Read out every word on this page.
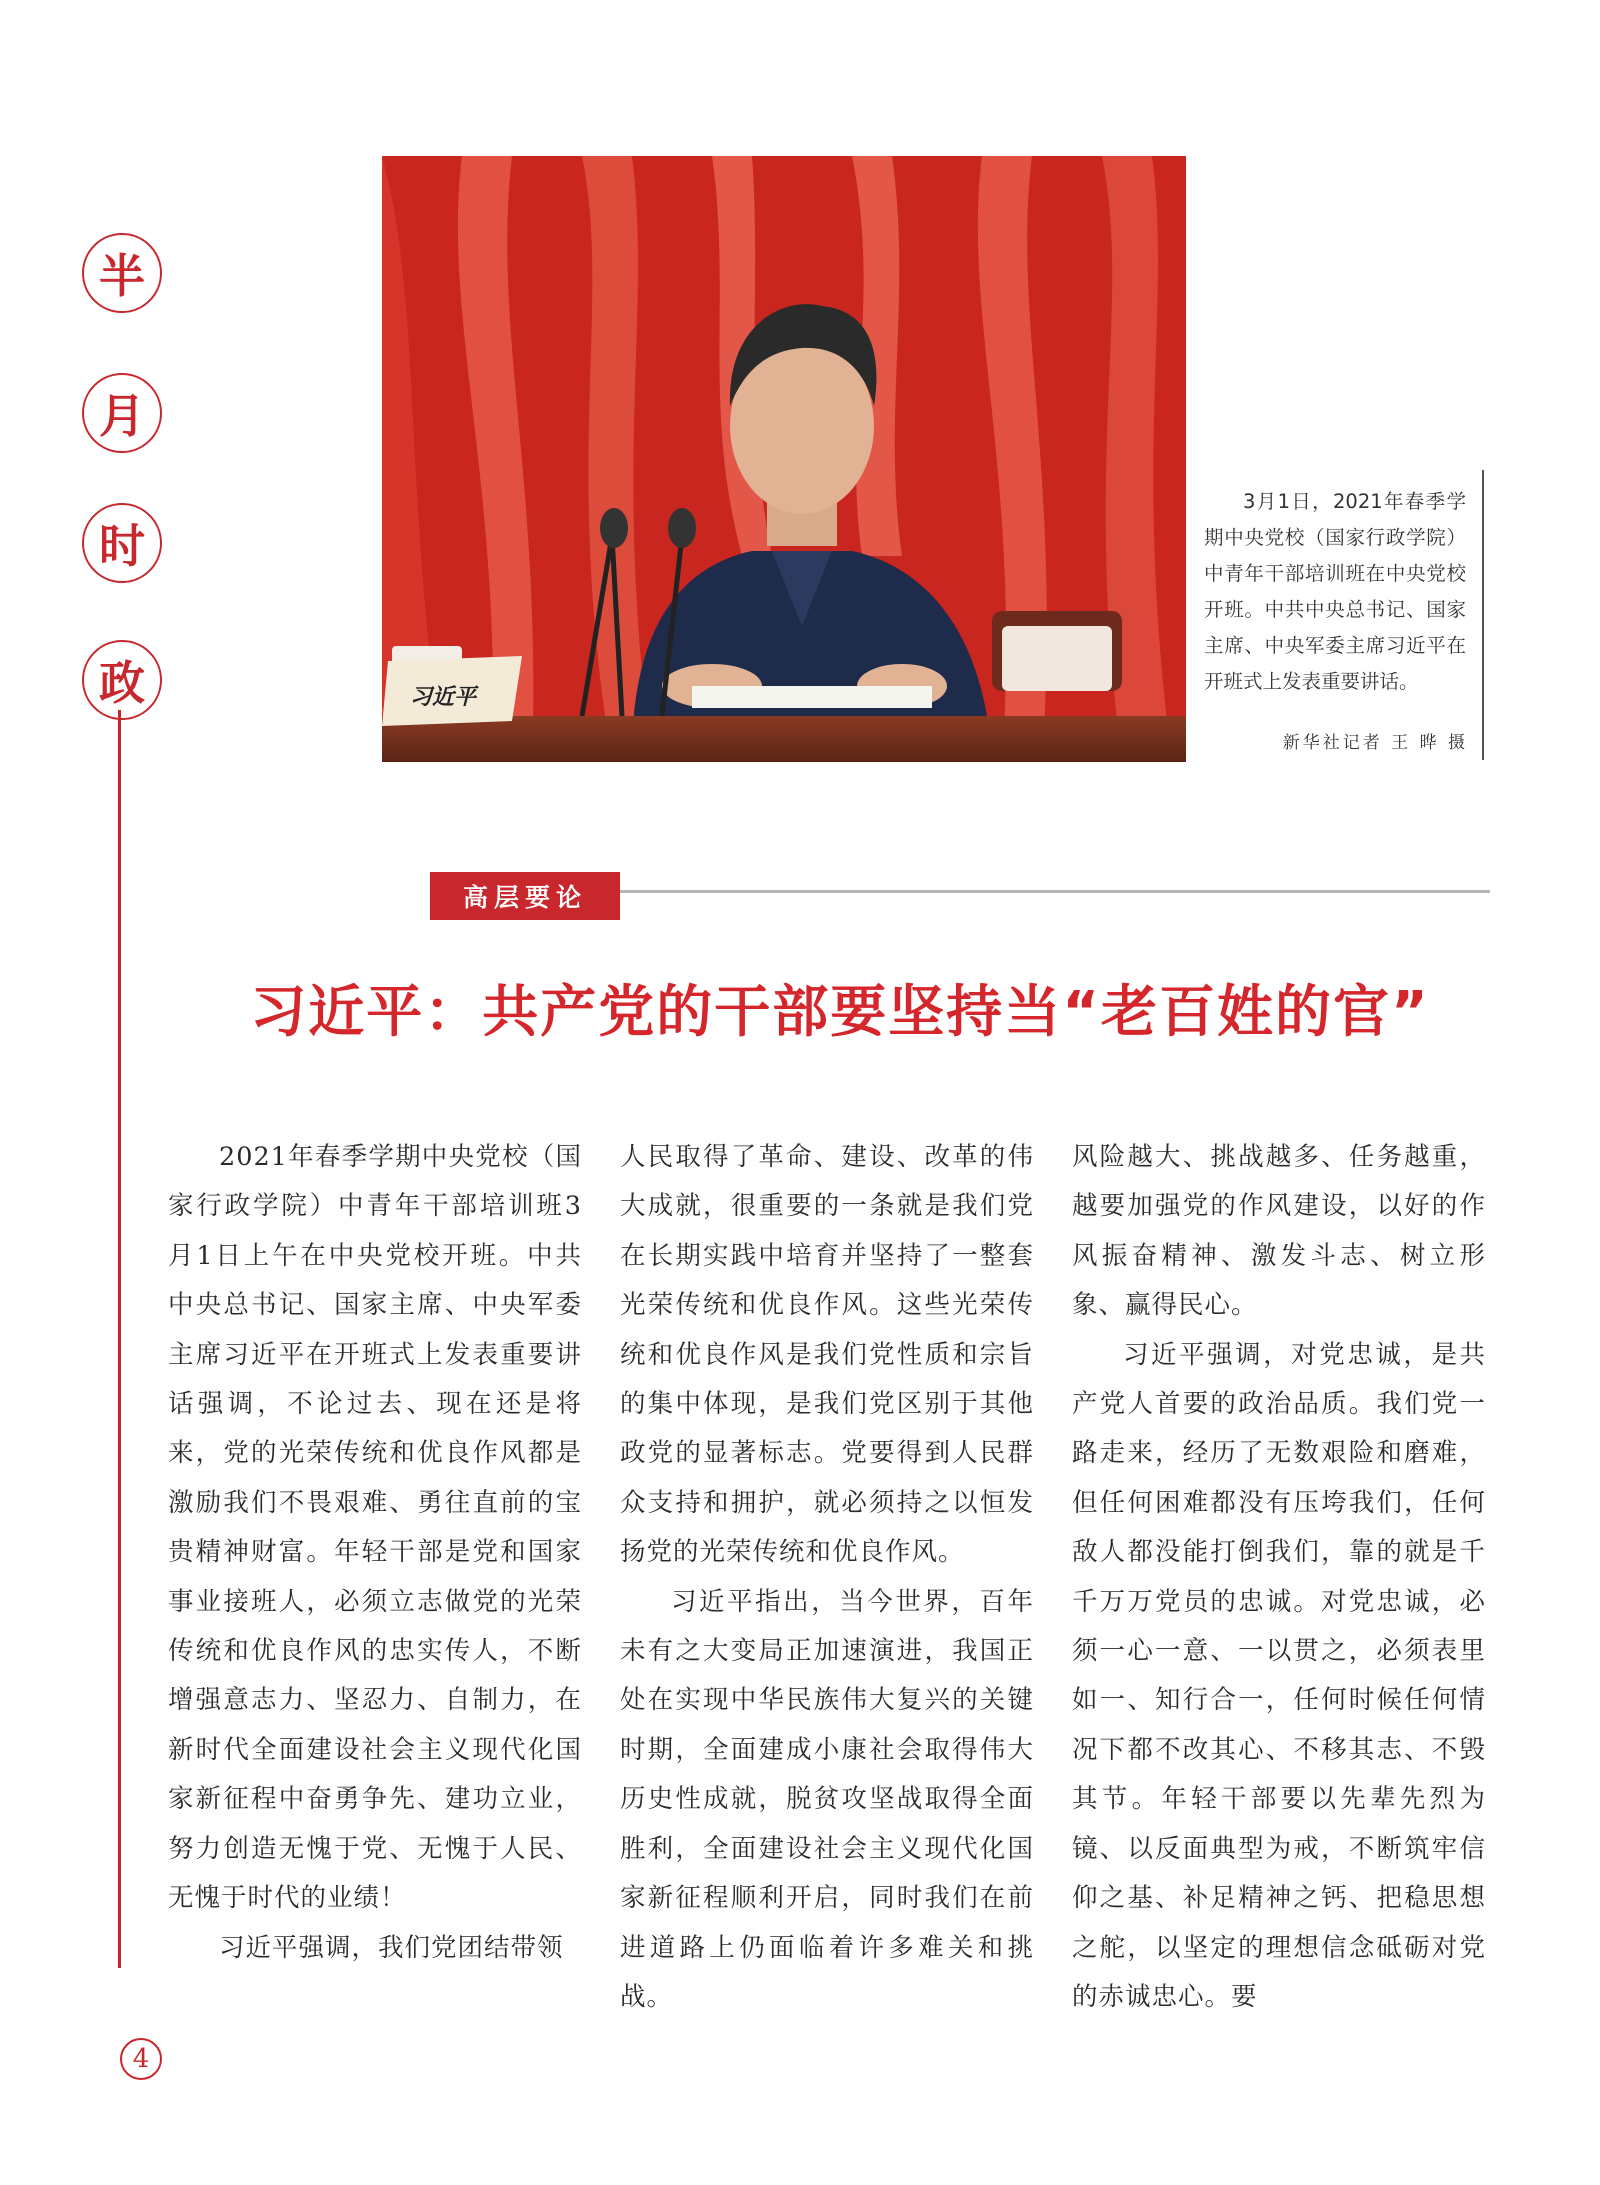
半
月
时
政	习近平
3月1日，2021年春季学期中央党校（国家行政学院）中青年干部培训班在中央党校开班。中共中央总书记、国家主席、中央军委主席习近平在开班式上发表重要讲话。
新华社记者 王 晔 摄
高层要论
习近平：共产党的干部要坚持当“老百姓的官”

2021年春季学期中央党校（国家行政学院）中青年干部培训班3月1日上午在中央党校开班。中共中央总书记、国家主席、中央军委主席习近平在开班式上发表重要讲话强调，不论过去、现在还是将来，党的光荣传统和优良作风都是激励我们不畏艰难、勇往直前的宝贵精神财富。年轻干部是党和国家事业接班人，必须立志做党的光荣传统和优良作风的忠实传人，不断增强意志力、坚忍力、自制力，在新时代全面建设社会主义现代化国家新征程中奋勇争先、建功立业，努力创造无愧于党、无愧于人民、无愧于时代的业绩！

习近平强调，我们党团结带领

人民取得了革命、建设、改革的伟大成就，很重要的一条就是我们党在长期实践中培育并坚持了一整套光荣传统和优良作风。这些光荣传统和优良作风是我们党性质和宗旨的集中体现，是我们党区别于其他政党的显著标志。党要得到人民群众支持和拥护，就必须持之以恒发扬党的光荣传统和优良作风。

习近平指出，当今世界，百年未有之大变局正加速演进，我国正处在实现中华民族伟大复兴的关键时期，全面建成小康社会取得伟大历史性成就，脱贫攻坚战取得全面胜利，全面建设社会主义现代化国家新征程顺利开启，同时我们在前进道路上仍面临着许多难关和挑战。

风险越大、挑战越多、任务越重，越要加强党的作风建设，以好的作风振奋精神、激发斗志、树立形象、赢得民心。

习近平强调，对党忠诚，是共产党人首要的政治品质。我们党一路走来，经历了无数艰险和磨难，但任何困难都没有压垮我们，任何敌人都没能打倒我们，靠的就是千千万万党员的忠诚。对党忠诚，必须一心一意、一以贯之，必须表里如一、知行合一，任何时候任何情况下都不改其心、不移其志、不毁其节。年轻干部要以先辈先烈为镜、以反面典型为戒，不断筑牢信仰之基、补足精神之钙、把稳思想之舵，以坚定的理想信念砥砺对党的赤诚忠心。要

4
